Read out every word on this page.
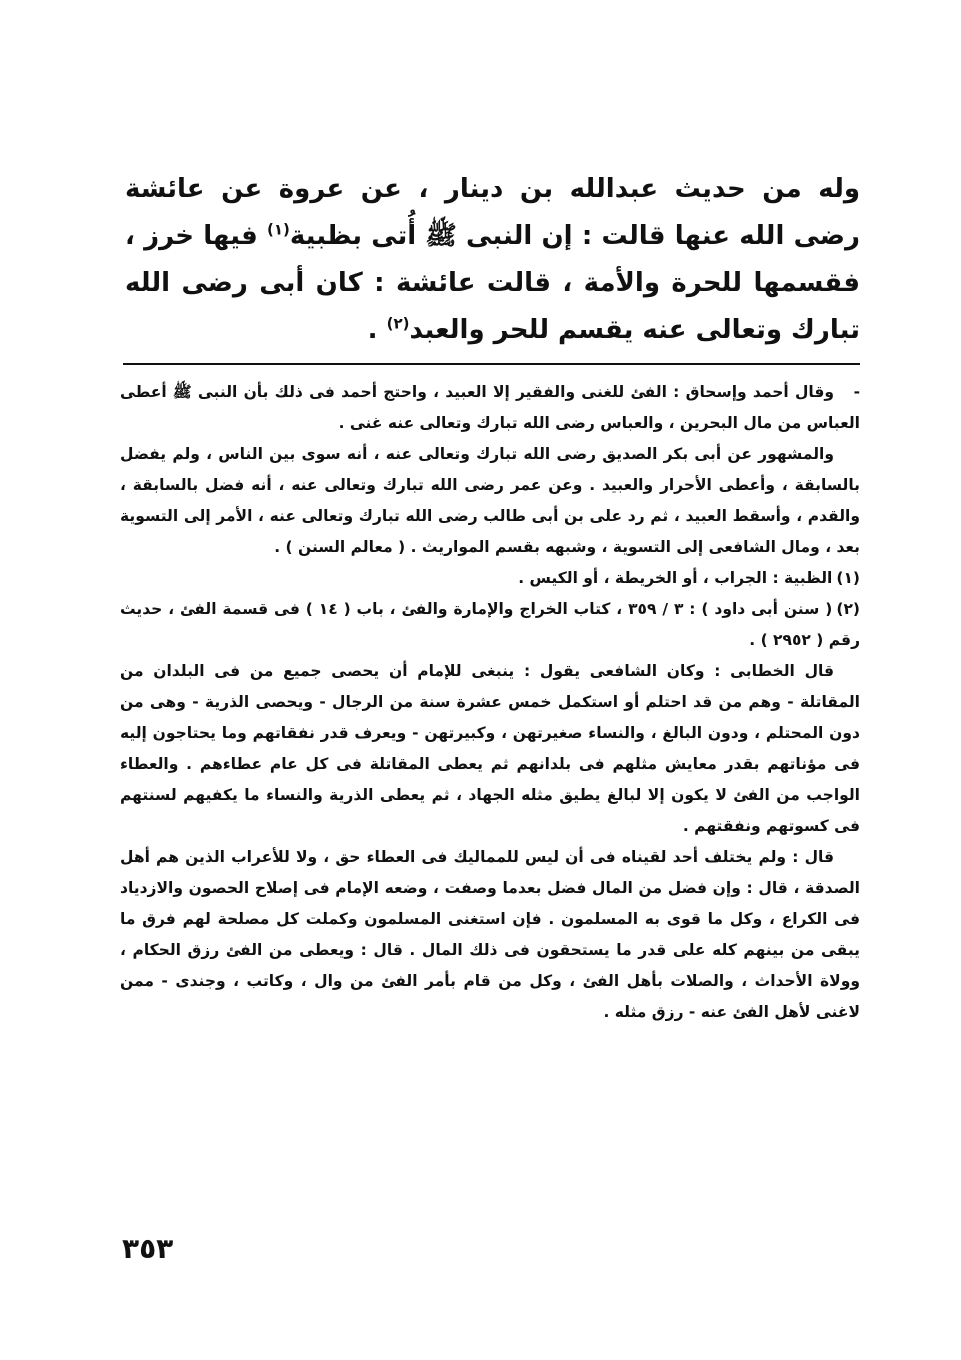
وله من حديث عبدالله بن دينار ، عن عروة عن عائشة رضى الله عنها قالت : إن النبى ﷺ أُتى بظبية$^{(١)}$ فيها خرز ، فقسمها للحرة والأمة ، قالت عائشة : كان أبى رضى الله تبارك وتعالى عنه يقسم للحر والعبد$^{(٢)}$ .

-وقال أحمد وإسحاق : الفئ للغنى والفقير إلا العبيد ، واحتج أحمد فى ذلك بأن النبى ﷺ أعطى العباس من مال البحرين ، والعباس رضى الله تبارك وتعالى عنه غنى .

والمشهور عن أبى بكر الصديق رضى الله تبارك وتعالى عنه ، أنه سوى بين الناس ، ولم يفضل بالسابقة ، وأعطى الأحرار والعبيد . وعن عمر رضى الله تبارك وتعالى عنه ، أنه فضل بالسابقة ، والقدم ، وأسقط العبيد ، ثم رد على بن أبى طالب رضى الله تبارك وتعالى عنه ، الأمر إلى التسوية بعد ، ومال الشافعى إلى التسوية ، وشبهه بقسم المواريث . ( معالم السنن ) .

(١)الظبية : الجراب ، أو الخريطة ، أو الكيس .

(٢)( سنن أبى داود ) : ٣ / ٣٥٩ ، كتاب الخراج والإمارة والفئ ، باب ( ١٤ ) فى قسمة الفئ ، حديث رقم ( ٢٩٥٢ ) .

قال الخطابى : وكان الشافعى يقول : ينبغى للإمام أن يحصى جميع من فى البلدان من المقاتلة - وهم من قد احتلم أو استكمل خمس عشرة سنة من الرجال - ويحصى الذرية - وهى من دون المحتلم ، ودون البالغ ، والنساء صغيرتهن ، وكبيرتهن - ويعرف قدر نفقاتهم وما يحتاجون إليه فى مؤناتهم بقدر معايش مثلهم فى بلدانهم ثم يعطى المقاتلة فى كل عام عطاءهم . والعطاء الواجب من الفئ لا يكون إلا لبالغ يطيق مثله الجهاد ، ثم يعطى الذرية والنساء ما يكفيهم لسنتهم فى كسوتهم ونفقتهم .

قال : ولم يختلف أحد لقيناه فى أن ليس للمماليك فى العطاء حق ، ولا للأعراب الذين هم أهل الصدقة ، قال : وإن فضل من المال فضل بعدما وصفت ، وضعه الإمام فى إصلاح الحصون والازدياد فى الكراع ، وكل ما قوى به المسلمون . فإن استغنى المسلمون وكملت كل مصلحة لهم فرق ما يبقى من بينهم كله على قدر ما يستحقون فى ذلك المال . قال : ويعطى من الفئ رزق الحكام ، وولاة الأحداث ، والصلات بأهل الفئ ، وكل من قام بأمر الفئ من وال ، وكاتب ، وجندى - ممن لاغنى لأهل الفئ عنه - رزق مثله .

٣٥٣
